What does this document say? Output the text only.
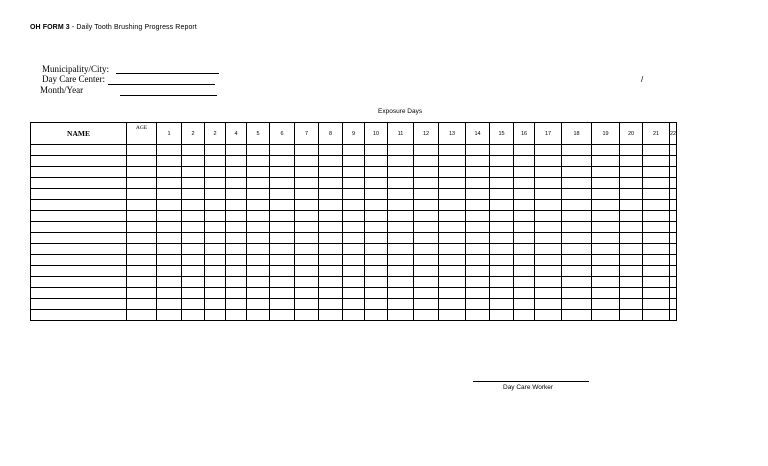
OH FORM 3 - Daily Tooth Brushing Progress Report
Municipality/City:
Day Care Center:
Month/Year
/
Exposure Days
NAME	AGE	1	2	2	4	5	6	7	8	9	10	11	12	13	14	15	16	17	18	19	20	21	22

Day Care Worker
